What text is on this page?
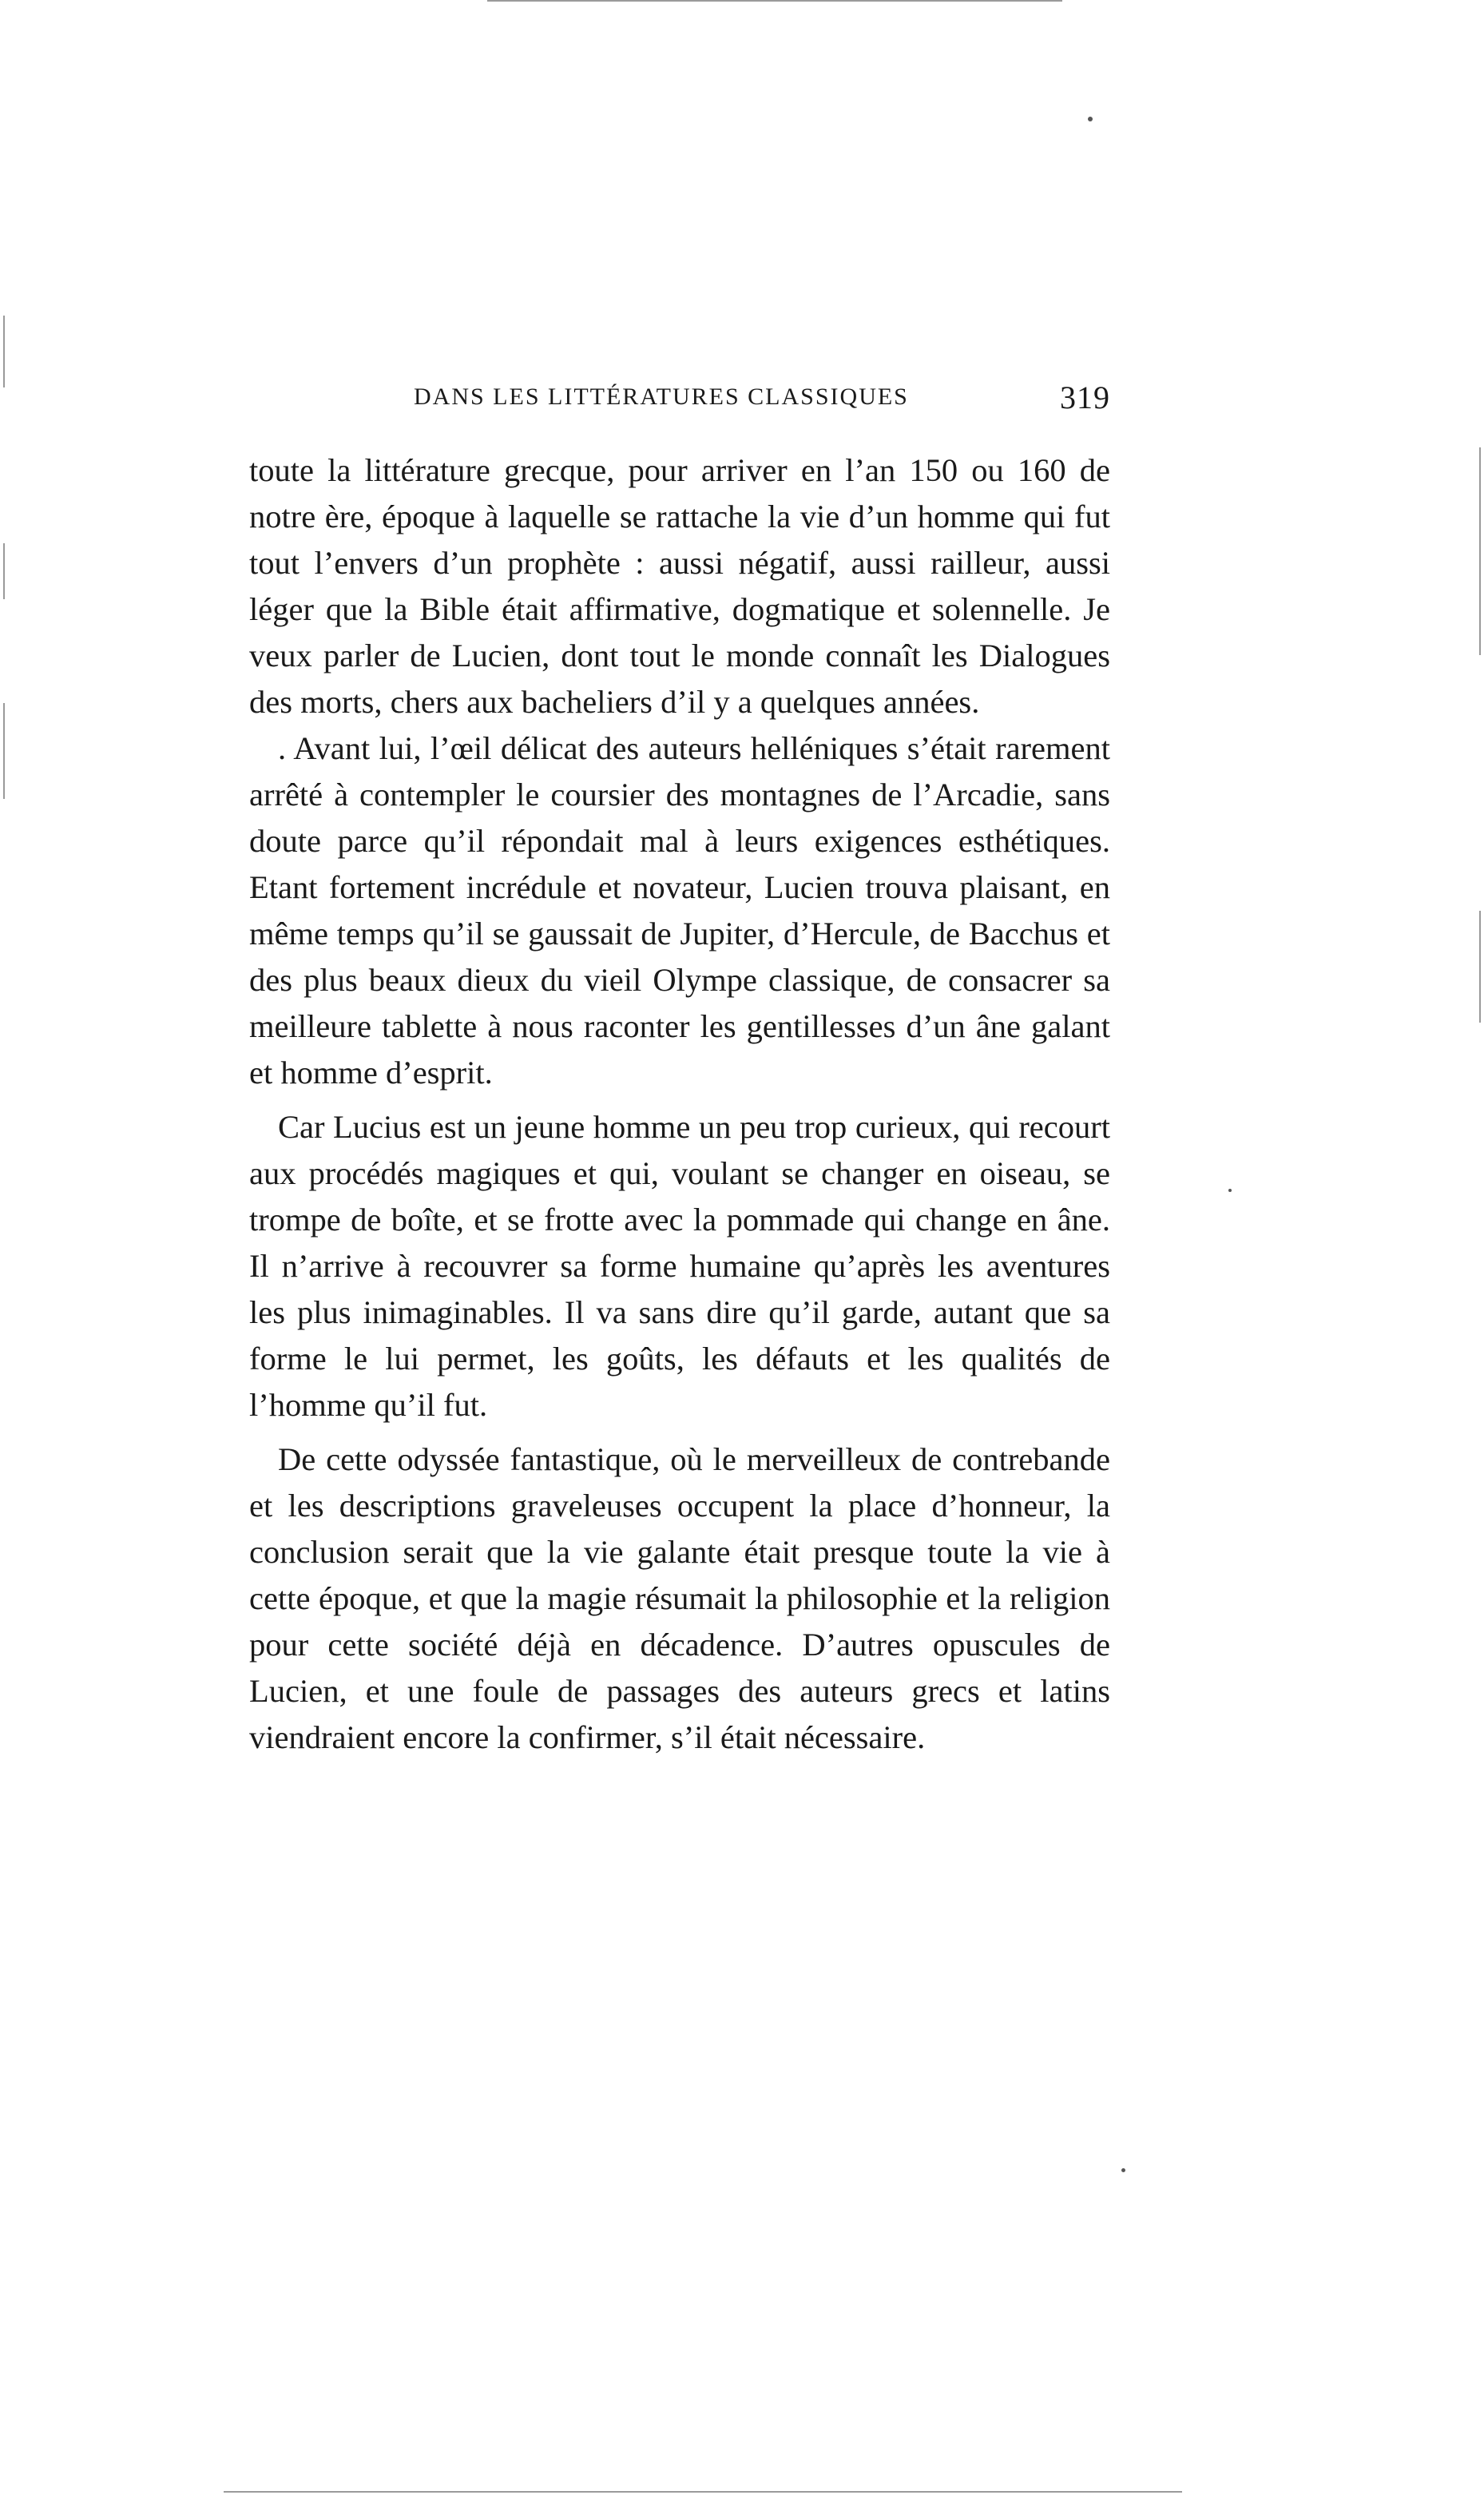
DANS LES LITTÉRATURES CLASSIQUES	319

toute la littérature grecque, pour arriver en l’an 150 ou 160 de notre ère, époque à laquelle se rattache la vie d’un homme qui fut tout l’envers d’un prophète : aussi négatif, aussi railleur, aussi léger que la Bible était affirmative, dogmatique et solennelle. Je veux parler de Lucien, dont tout le monde connaît les Dialogues des morts, chers aux bacheliers d’il y a quelques années.

. Avant lui, l’œil délicat des auteurs helléniques s’était rarement arrêté à contempler le coursier des montagnes de l’Arcadie, sans doute parce qu’il répondait mal à leurs exigences esthétiques. Etant fortement incrédule et novateur, Lucien trouva plaisant, en même temps qu’il se gaussait de Jupiter, d’Hercule, de Bacchus et des plus beaux dieux du vieil Olympe classique, de consacrer sa meilleure tablette à nous raconter les gentillesses d’un âne galant et homme d’esprit.

Car Lucius est un jeune homme un peu trop curieux, qui recourt aux procédés magiques et qui, voulant se changer en oiseau, se trompe de boîte, et se frotte avec la pommade qui change en âne. Il n’arrive à recouvrer sa forme humaine qu’après les aventures les plus inimaginables. Il va sans dire qu’il garde, autant que sa forme le lui permet, les goûts, les défauts et les qualités de l’homme qu’il fut.

De cette odyssée fantastique, où le merveilleux de contrebande et les descriptions graveleuses occupent la place d’honneur, la conclusion serait que la vie galante était presque toute la vie à cette époque, et que la magie résumait la philosophie et la religion pour cette société déjà en décadence. D’autres opuscules de Lucien, et une foule de passages des auteurs grecs et latins viendraient encore la confirmer, s’il était nécessaire.
